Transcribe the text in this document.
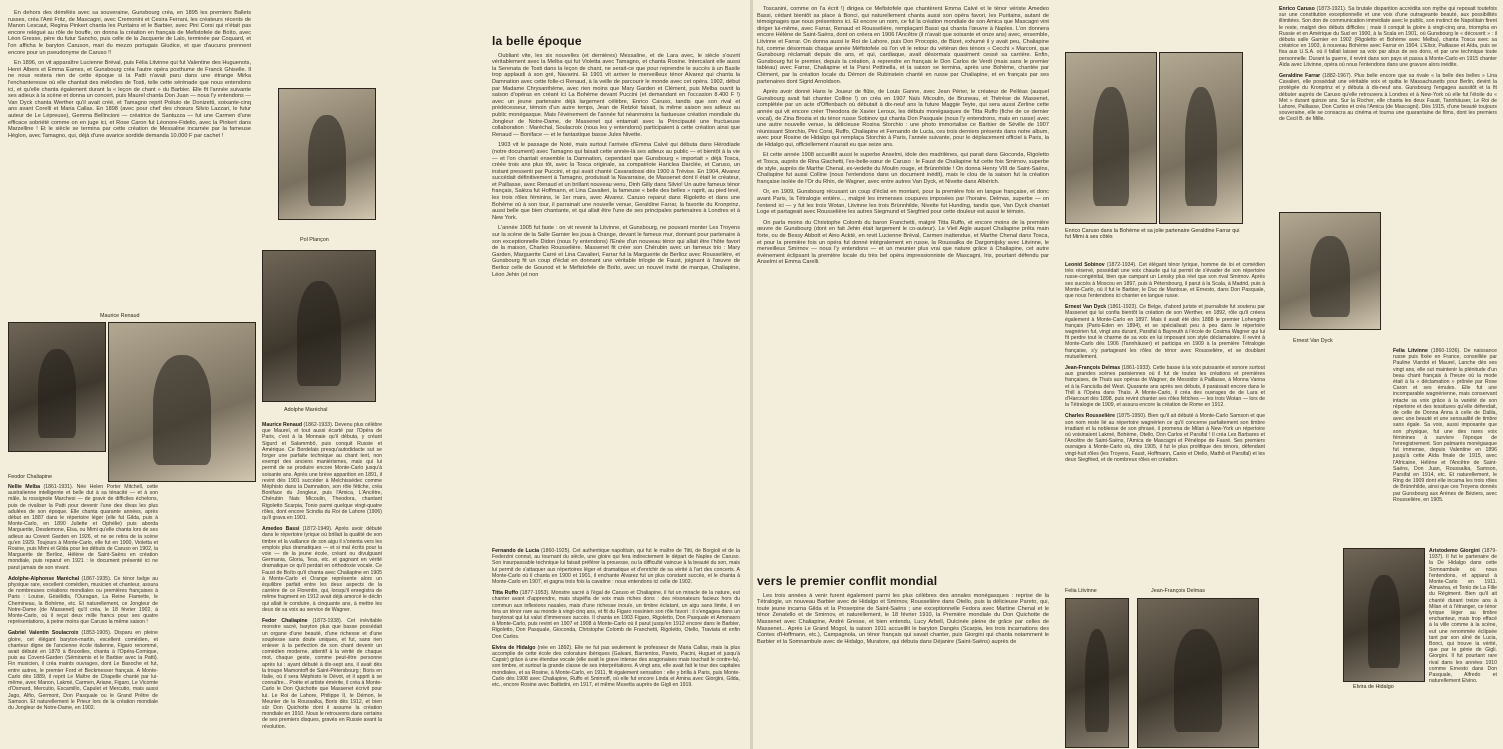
En dehors des démêlés avec sa souveraine, Gunsbourg créa, en 1895 les premiers Ballets russes, créa l'Ami Fritz, de Mascagni, avec Cremonini et Cesira Ferrani, les créateurs récents de Manon Lescaut, Regina Pinkert chanta les Puritains et le Barbier, avec Pini Corsi qui n'était pas encore relégué au rôle de bouffe, on donna la création en français de Mefistofele de Boïto, avec Léon Gresse, père du futur Sancho, puis celle de la Jacquerie de Lalo, terminée par Coquard, et l'on afficha le baryton Caruson, mari du mezzo portugais Giudice, et que d'aucuns prennent encore pour un pseudonyme de Caruso !!

En 1896, on vit apparaître Lucienne Bréval, puis Félia Litvinne qui fut Valentine des Huguenots, Henri Albers et Emma Eames, et Gunsbourg créa l'autre opéra posthume de Franck Ghiselle. Il ne nous restera rien de cette époque si la Patti n'avait paru dans une étrange Mirka l'enchanteresse où elle chantait des mélodies de Tosti, telle cette sérénade que nous entendons ici, et qu'elle chanta également durant la « leçon de chant » du Barbier. Elle fit l'année suivante ses adieux à la scène et donna un concert, puis Maurel chanta Don Juan — nous l'y entendons — Van Dyck chanta Werther qu'il avait créé, et Tamagno reprit Poliuto de Donizetti, soixante-cinq ans avant Corelli et Maria Callas. En 1898 (avec pour chef des chœurs Silvio Lazzari, le futur auteur de Le Lépreuse), Gemma Bellincioni — créatrice de Santuzza — fut une Carmen d'une efficace sobriété comme on en juge ici, et Rose Caron fut Léonore-Fidelio, avec la Pinkert dans Marzelline ! Et le siècle se termina par cette création de Messaline incarnée par la fameuse Héglon, avec Tamagno, qui, déjà d'une avarice sordide demanda 10.000 F par cachet !

Maurice Renaud
Feodor Chaliapine
Nellie Melba (1861-1931). Née Helen Porter Mitchell, cette australienne intelligente et belle dut à sa ténacité — et à son mâle, la rossignole Marchesi — de gravir de difficiles échelons, puis de rivaliser la Patti pour devenir l'une des divas les plus adulées de son époque. Elle chanta quarante années, après début en 1887 dans le répertoire léger (elle fut Gilda, puis à Monte-Carlo, en 1890 Juliette et Ophélie) puis aborda Marguerite, Desdemone, Elsa, ou Mimi qu'elle chanta lors de ses adieux au Covent Garden en 1926, et ne se retira de la scène qu'en 1929. Toujours à Monte-Carlo, elle fut en 1900, Violetta et Rosine, puis Mimi et Gilda pour les débuts de Caruso en 1902, la Marguerite de Berlioz, Hélène de Saint-Saëns en création mondiale, puis reparut en 1921 : le document présenté ici ne parut jamais de son vivant.
Adolphe-Alphonse Maréchal (1867-1935). Ce ténor belge au physique rare, excellent comédien, musicien et chanteur, assura de nombreuses créations mondiales ou premières françaises à Paris : Louise, Grisélidis, l'Ouragan, La Reine Fiamette, le Chemineau, la Bohème, etc. Et naturellement, ce Jongleur de Notre-Dame (de Massenet) qu'il créa, le 18 février 1902, à Monte-Carlo, où il reçut deux mille francs pour ses quatre représentations, à peine moins que Caruso la même saison !
Gabriel Valentin Soulacroix (1853-1905). Disparu en pleine gloire, cet élégant baryton-martin, excellent comédien, et chanteur digne de l'ancienne école italienne, Figaro renommé, avait débuté en 1878 à Bruxelles, chanta à l'Opéra-Comique, puis au Covent-Garden (Sémiramis et le Barbier avec la Patti). Fin musicien, il créa maints ouvrages, dont Le Basoche et fut, entre autres, le premier Ford et Beckmesser français. A Monte-Carlo dès 1889, il reprit Le Maître de Chapelle chanté par lui-même, avec Manon, Lakmé, Carmen, Ariane, Figaro, Le Vicomte d'Osmard, Mercutio, Escamillo, Capulet et Mercutio, mais aussi Jago, Alfio, Germont, Don Pasquale ou le Grand Prêtre de Samson. Et naturellement le Prieur lors de la création mondiale du Jongleur de Notre-Dame, en 1902.
Pol Plançon
Adolphe Maréchal
Maurice Renaud (1862-1933). Devenu plus célèbre que Maurel, et tout aussi écarté par l'Opéra de Paris, c'est à la Monnaie qu'il débuta, y créant Sigurd et Salammbô, puis conquit Russie et Amérique. Ce Bordelais presqu'autodidacte sut se forger une parfaite technique au chant lent, non exempt des anciens maniérismes, mais qui lui permit de se produire encore Monte-Carlo jusqu'à soixante ans. Après une brève apparition en 1891, il revint dès 1901 succéder à Melchissédec comme Méphisto dans la Damnation, son rôle fétiche, créa Boniface du Jongleur, puis l'Amica, L'Ancêtre, Chérubin Nais Micoulin, Theodora, chantant Rigoletto Scarpia, Tonio parmi quelque vingt-quatre rôles, dont encore Scindia du Roi de Lahore (1906) qu'il grava en 1901.
Amedeo Bassi (1872-1949). Après avoir débuté dans le répertoire lyrique où brillait la qualité de son timbre et la vaillance de son aigu il s'orienta vers les emplois plus dramatiques — et si mal écrits pour la voix — de la jeune école, créant ou divulguant Germania, Gloria, Tess, etc. et gagnant en vérité dramatique ce qu'il perdait en orthodoxie vocale. Ce Faust de Boïto qu'il chanta avec Chaliapine en 1905 à Monte-Carlo et Orange représente alors un équilibre parfait entre les deux aspects de la carrière de ce Florentin, qui, lorsqu'il enregistra de même fragment en 1912 avait déjà amorcé le déclin qui allait le conduire, à cinquante ans, à mettre les deux de sa voix au service de Wagner.
Fedor Chaliapine (1873-1938). Cet inévitable monstre sacré, baryton plus que basse possédait un organe d'une beauté, d'une richesse et d'une souplesse sans doute uniques, et fut, sans rien enlever à la perfection de son chant devenir un comédien moderne, attentif à la vérité de chaque mot, chaque geste, comme peut-être personne après lui : ayant débuté à dix-sept ans, il avait dès la troupe Mamontoff de Saint-Pétersbourg ; Boris en Italie, où il sera Méphisto le Dévot, et il apprit à se connaître... Poète et artiste émérite, il créa à Monte-Carlo le Don Quichotte que Massenet écrivit pour lui. Le Roi de Lahore, Philippe II, le Démon, le Meunier de la Roussalka, Boris dès 1912, et bien sûr Don Quichotte dont il assume la création mondiale en 1910. Nous le retrouvons dans certains de ses premiers disques, gravés en Russie avant la révolution.
la belle époque

Oubliant vite, les six nouvelles (et dernières) Messaline, et de Lara avec, le siècle s'ouvrit véritablement avec la Melba qui fut Violetta avec Tamagno, et chanta Rosine. Intercalant elle aussi la Serenata de Tosti dans la leçon de chant, ne serait-ce que pour reprendre le succès à un Basile trop applaudi à son gré, Navarini. Et 1901 vit arriver le merveilleux ténor Alvarez qui chanta la Damnation avec cette folle-ci Renaud, à la veille de parcourir le monde avec cet opéra. 1902, début par Madame Chrysanthème, avec rien moins que Mary Garden et Clément, puis Melba ouvrit la saison d'opéras en créant ici La Bohème devant Puccini (et demandant en l'occasion 8.400 F !) avec un jeune partenaire déjà largement célèbre, Enrico Caruso, tandis que son rival et prédécesseur, témoin d'un autre temps, Jean de Retzké faisait, la même saison ses adieux au public monégasque. Mais l'événement de l'année fut néanmoins la fastueuse création mondiale du Jongleur de Notre-Dame, de Massenet qui entamait avec la Principauté une fructueuse collaboration : Maréchal, Soulacroix (nous les y entendons) participaient à cette création ainsi que Renaud — Boniface — et le fantastique basse Jules Nivette.

1903 vit le passage de Noté, mais surtout l'arrivée d'Emma Calvé qui débuta dans Hérodiade (notre document) avec Tamagno qui faisait cette année-là ses adieux au public — et bientôt à la vie — et l'on chantait ensemble la Damnation, cependant que Gunsbourg « importait » déjà Tosca, créée trois ans plus tôt, avec la Tosca originale, sa compatriote Hariclea Darclée, et Caruso, un instant pressenti par Puccini, et qui avait chanté Cavaradossi dès 1900 à Trévise. En 1904, Alvarez succédait définitivement à Tamagno, produisait la Navarraise, de Massenet dont il était le créateur, et Paillasse, avec Renaud et un brillant nouveau venu, Dinh Gilly dans Silvio! Un autre fameux ténor français, Saléza fut Hoffmann, et Lina Cavalieri, la fameuse « belle des belles » raprit, au pied levé, les trois rôles féminins, le 1er mars, avec Alvarez. Caruso reparut dans Rigoletto et dans une Bohème où à son tour, il parrainait une nouvelle venue, Geraldine Farrar, la favorite du Kronprinz, aussi belle que bien chantante, et qui allait être l'une de ses principales partenaires à Londres et à New York.

L'année 1905 fut faste : on vit revenir la Litvinne, et Gunsbourg, ne pouvant monter Les Troyens sur la scène de la Salle Garnier les joua à Orange, devant le fameux mur, donnant pour partenaire à son exceptionnelle Didon (nous l'y entendons) l'Enée d'un nouveau ténor qui allait être l'hôte favori de la maison, Charles Rousselière. Massenet fit créer son Chérubin avec un fameux trio : Mary Garden, Marguerite Carré et Lina Cavalieri, Farrar fut la Marguerite de Berlioz avec Rousselière, et Gunsbourg fit un coup d'éclat en donnant une véritable trilogie de Faust, joignant à l'œuvre de Berlioz celle de Gounod et le Mefistofele de Boïto, avec un nouvel invité de marque, Chaliapine, Léon Jehin (et non

Fernando de Lucia (1860-1925). Cet authentique napolitain, qui fut le maître de Titti, de Borgioli et de la Federzini connut, au tournant du siècle, une gloire qui fera indirectement le départ de Naples de Caruso. Son insurpassable technique lui faisait préférer la prouesse, ou la difficulté vaincue à la beauté du son, mais lui permit de s'attaquer aux répertoires léger et dramatique et d'enrichir de sa vérité à l'art des concerts. A Monte-Carlo où il chanta en 1900 et 1901, il enchante Alvarez fut un plus constant succès, et le chanta à Monte-Carlo en 1907, et gagna trois fois la cavatine : nous entendons ici celle de 1902.
Titta Ruffo (1877-1953). Monstre sacré à l'égal de Caruso et Chaliapine, il fut un miracle de la nature, eut chanter avant d'apprendre, mais stupéfia de voix mais riches dons : des résonateurs facieux hors du commun aux inflexions nasales, mais d'une richesse inouïe, un timbre éclatant, un aigu sans limite, il en fera un ténor rare au monde à vingt-cinq ans, et fit du Figaro rossinien son rôle favori : il s'engagea dans un barytonat qui lui valut d'immenses succès. Il chanta en 1903 Figaro, Rigoletto, Don Pasquale et Amonasro à Monte-Carlo, puis revint en 1907 et 1908 à Monte-Carlo où il parut jusqu'en 1912 encore dans le Barbier, Rigoletto, Don Pasquale, Gioconda, Christophe Colomb de Franchetti, Rigoletto, Otello, Traviata et enfin Don Carlos.
Elvira de Hidalgo (née en 1892). Elle ne fut pas seulement le professeur de Maria Callas, mais la plus accomplie de cette école des colorature ibériques (Galvani, Barrientos, Pareto, Pacini, Huguet et jusqu'à Capsir) grâce à une étendue vocale (elle avait le grave intense des aragonaises mais touchait le contre-fa), son timbre, et surtout la grande classe de ses interprétations. A vingt ans, elle avait fait le tour des capitales mondiales, et sa Rosine, à Monte-Carlo, en 1911, fit également sensation : elle y brilla à Paris, puis Monte-Carlo dès 1908 avec Chaliapine, Ruffo et Smirnoff, où elle fut encore Linda et Amina avec Giorgini, Gilda, etc., encore Rosine avec Battistini, en 1917, et même Musetta auprès de Gigli en 1919.

Toscanini, comme on l'a écrit !) dirigea ce Mefistofele que chantèrent Emma Calvé et le ténor vériste Amedeo Bassi, cédant bientôt sa place à Bonci, qui naturellement chanta aussi son opéra favori, les Puritains, autant de témoignages que nous présentons ici. Et encore un nom, ce fut la création mondiale de son Amica que Mascagni vint diriger lui-même, avec Farrar, Renaud et Rousselière, remplaçant Bassi qui chanta l'œuvre à Naples. L'on donnera encore Hélène de Saint-Saëns, dont on créera en 1906 l'Ancêtre (il n'avait que soixante et onze ans) avec, ensemble, Litvinne et Farrar. On donna aussi le Roi de Lahore, puis Don Procopio, de Bizet, exhumé il y avait peu, Chaliapine fut, comme désormais chaque année Méfistofele où l'on vit le retour du vétéran des ténors « Cecchi » Marconi, que Gunsbourg réclamait depuis dix ans, et qui, cardiaque, avait désormais quasiment cessé sa carrière. Enfin, Gunsbourg fut le premier, depuis la création, à reprendre en français le Don Carlos de Verdi (mais sans le premier tableau) avec Farrar, Chaliapine et la Parsi Pettinella, et la saison se termina, après une Bohème, chantée par Clément, par la création locale du Démon de Rubinstein chanté en russe par Chaliapine, et en français par ses partenaires dont Sigrid Arnoldson.

Après avoir donné Hans le Joueur de flûte, de Louis Ganne, avec Jean Périer, le créateur de Pelléas (auquel Gunsbourg avait fait chanter Colline !) on créa en 1907 Naïs Micoulin, de Bruneau, et Thérèse de Massenet, complétée par un acte d'Offenbach où débutait à dix-neuf ans la future Maggie Teyte, qui sera aussi Zerline cette année qui vit encore créer Theodora de Xavier Leroux, les débuts monégasques de Titta Ruffo (fiche de ce dernier vocal), de Zina Brozia et du ténor russe Sobinov qui chanta Don Pasquale (nous l'y entendrons, mais en russe) avec une autre nouvelle venue, la délicieuse Rosina Storchio : une photo immortalise ce Barbier de Séville de 1907 réunissant Storchio, Pini Corsi, Ruffo, Chaliapine et Fernando de Lucia, ces trois derniers présents dans notre album, avec pour Rosine de Hidalgo qui remplaça Storchio à Paris, l'année suivante, pour le déplacement officiel à Paris, la de Hidalgo qui, officiellement n'aurait eu que seize ans.

Et cette année 1908 accueillit aussi le superbe Anselmi, idole des madrilènes, qui parait dans Gioconda, Rigoletto et Tosca, auprès de Rina Giachetti, l'ex-belle-sœur de Caruso : le Faust de Chaliapine fut cette fois Smirnov, superbe de style, auprès de Marthe Chenal, ex-vedette du Moulin rouge, et Brünnhilde ! On donna Henry VIII de Saint-Saëns, Chaliapine fut aussi Colline (nous l'entendons dans un document inédit), mais le clou de la saison fut la création française isolée de l'Or du Rhin, de Wagner, avec entre autres Van Dyck, et Nivette dans Albérich.

Or, en 1909, Gunsbourg récusant un coup d'éclat en montant, pour la première fois en langue française, et donc avant Paris, la Tétralogie entière..., malgré les immenses coupures imposées par l'horaire. Delmas, superbe — on l'entend ici — y fut les trois Wotan, Litvinne les trois Brünnhilde, Nivette fut Hunding, tandis que, Van Dyck chantait Loge et partageait avec Rousselière les autres Siegmund et Siegfried pour cette douleur est aussi le témoin.

On parla moins du Christophe Colomb du baron Franchetti, malgré Titta Ruffo, et encore moins de la première œuvre de Gunsbourg (dont en fait Jehin était largement le co-auteur). Le Vieil Aigle auquel Chaliapine prêta main forte, ou de Bessy Abbott et Aino Ackté, en revit Lucienne Bréval, Carmen inattendue, et Marthe Chenal dans Tosca, et pour la première fois un opéra fut donné intégralement en russe, la Roussalka de Dargomijsky avec Litvinne, le merveilleux Smirnov — nous l'y entendons — et un meunier plus vrai que nature grâce à Chaliapine, cet autre événement éclipsant la première locale du très bel opéra impressionniste de Mascagni, Iris, pourtant défendu par Anselmi et Emma Carelli.

vers le premier conflit mondial

Les trois années à venir furent également parmi les plus célèbres des annales monégasques : reprise de la Tétralogie, un nouveau Barbier avec de Hidalgo et Smirnov, Rousselière dans Otello, puis la délicieuse Pareto, qui, toute jeune incarna Gilda et la Proserpine de Saint-Saëns ; une exceptionnelle Fedora avec Martine Chenal et le ténor Zenatello et de Smirnov, et naturellement, le 18 février 1910, la Première mondiale du Don Quichotte de Massenet avec Chaliapine, André Gresse, et bien entendu, Lucy Arbell, Dulcinée pleine de grâce par celles de Massenet... Après Le Grand Mogol, la saison 1911 accueillit le baryton Dangès (Scarpia, les trois incarnations des Contes d'Hoffmann, etc.), Campagnola, un ténor français qui savait chanter, puis Giorgini qui chanta notamment le Barbier et la Somnambule avec de Hidalgo, Muratore, qui débuta dans Déjanire (Saint-Saëns) auprès de

Enrico Caruso dans la Bohème et sa jolie partenaire Geraldine Farrar qui fut Mimi à ses côtés
Leonid Sobinov (1872-1934). Cet élégant ténor lyrique, homme de loi et comédien très réservé, possédait une voix chaude qui lui permit de s'évader de son répertoire russe-congénital, bien que campant un Lensky plus réel que son rival Smirnov. Après ses succès à Moscou en 1897, puis à Pétersbourg, il parut à la Scala, à Madrid, puis à Monte-Carlo, où il fut le Barbier, le Duc de Mantoue, et Ernesto, dans Don Pasquale, que nous l'entendons ici chanter en langue russe.
Ernest Van Dyck (1861-1923). Ce Belge, d'abord juriste et journaliste fut soutenu par Massenet qui lui confia bientôt la création de son Werther, en 1892, rôle qu'il créera également à Monte-Carlo en 1897. Mais il avait été dès 1888 le premier Lohengrin français (Paris-Eden en 1894), et se spécialisait peu à peu dans le répertoire wagnérien fut, vingt ans durant, Parsifal à Bayreuth à l'école de Cosima Wagner qui lui fit perdre tout le charme de sa voix en lui imposant son style déclamatoire. Il revint à Monte-Carlo dès 1906 (Tannhäuser) et participa en 1909 à la première Tétralogie française, s'y partageant les rôles de ténor avec Rousselière, et se doublant mutuellement.
Jean-François Delmas (1861-1933). Cette basse à la voix puissante et sonore surtout aux grandes scènes parisiennes où il fut de toutes les créations et premières françaises, de Thaïs aux opéras de Wagner, de Messidor à Paillasse, à Monna Vanna et à la Fanciulla del West. Quarante ans après ses débuts, il paraissait encore dans le Thill à l'Opéra dans Thaïs. À Monte-Carlo, il créa des ouvrages de de Lara et d'Harcourt dès 1898, puis revint chanter ses rôles fétiches — les trois Wotan — lors de la Tétralogie de 1909, et assura encore la création de Rome en 1912.
Charles Rousselière (1875-1950). Bien qu'il ait débuté à Monte-Carlo Samson et que son nom reste lié au répertoire wagnérien ce qu'il concerne parfaitement son timbre irradiant et la noblesse de son phrasé, il promena de Milan à New-York un répertoire où voisinaient Lakmé, Bohème, Otello, Don Carlos et Parsifal ! Il créa Les Barbares et l'Ancêtre de Saint-Saëns, l'Amica de Mascagni et Pénélope de Fauré. Ses premiers ouvrages à Monte-Carlo où, dès 1905, il fut le plus prolifique des ténors, défendant vingt-huit rôles (les Troyens, Faust, Hoffmann, Canio et Otello, Mathô et Parsifal) et les deux Siegfried, et de nombreux rôles en création.
Felia Litvinne	Jean-François Delmas
Ernest Van Dyck
Elvira de Hidalgo
Enrico Caruso (1873-1921). Sa brutale disparition accrédita son mythe qui reposait toutefois sur une constitution exceptionnelle et une voix d'une outrageante beauté, aux possibilités illimitées. Son don de communication immédiate avec le public, son instinct de Napolitain firent le reste, malgré des débuts difficiles ; mais il conquit la gloire à vingt-cinq ans, triompha en Russie et en Amérique du Sud en 1900, à la Scala en 1901, où Gunsbourg le « découvrit » : il débuta salle Garnier en 1902 (Rigoletto et Bohème avec Melba), chanta Tosca avec sa créatrice en 1903, à nouveau Bohème avec Farrar en 1904. L'Elisir, Paillasse et Aïda, puis se fixa aux U.S.A. où il fallait laisser sa voix par abus de ses dons, et par une technique toute personnelle. Durant la guerre, il revint dans son pays et passa à Monte-Carlo en 1915 chanter Aïda avec Litvinne, opéra où nous l'entendons dans une gravure alors inédite.
Geraldine Farrar (1882-1967). Plus belle encore que sa rivale « la belle des belles » Lina Cavalieri, elle possédait une véritable voix et quitta le Massachusetts pour Berlin, devint la protégée du Kronprinz et y débuta à dix-neuf ans. Gunsbourg l'engagea aussitôt et la fit débuter auprès de Caruso qu'elle retrouvera à Londres et à New-York où elle fut l'étoile du « Met » durant quinze ans. Sur la Rocher, elle chanta les deux Faust, Tannhäuser, Le Roi de Lahore, Paillasse, Don Carlos et créa l'Amica (de Mascagni). Dès 1915, d'une beauté toujours souveraine, elle se consacra au cinéma et tourna une quarantaine de films, dont les premiers de Cecil B. de Mille.
Felia Litvinne (1860-1936). De naissance russe puis fixée en France, conseillée par Pauline Viardot et Maurel, Lanche dès ses vingt ans, elle sut maintenir la plénitude d'un beau chant français à l'heure où la mode était à la « déclamation » prônée par Rose Caron et ses émules. Elle fut une incomparable wagnérienne, mais conservant intacte sa voix grâce à la variété de son répertoire et des tessitures qu'elle défendait, de celle de Donna Anna à celle de Dalila, avec une beauté et une sensualité de timbre sans égale. Sa voix, aussi imposante que son physique, fut une des rares voix féminines à survivre l'époque de l'enregistrement. Son palmarès monégasque fut immense, depuis Valentine en 1896 jusqu'à cette Aïda finale de 1915, avec l'Africaine, Hélène et l'Ancêtre de Saint-Saëns, Don Juan, Roussalka, Samson, Parsifal en 1914, etc. Et naturellement, le Ring de 1909 dont elle incarna les trois rôles de Brünnhilde, ainsi que ces Troyens donnés par Gunsbourg aux Arènes de Béziers, avec Rousselière, en 1905.
Aristodemo Giorgini (1879-1937). Il fut le partenaire de la De Hidalgo dans cette Somnambule où nous l'entendons, et apparut à Monte-Carlo en 1911. Almaviva, et Tonio de La Fille du Régiment. Bien qu'il ait chanté durant treize ans à Milan et à l'étranger, ce ténor lyrique léger au timbre enchanteur, mais trop effacé à la ville comme à la scène, eut une renommée éclipsée tant par son aîné de Lucia, Bonci, qui trouve la vérité, que par le génie de Gigli. Giorgini. Il fut pourtant rare rival dans les années 1910 comme Ernesto dans Don Pasquale, Alfredo et naturellement Elvino.
